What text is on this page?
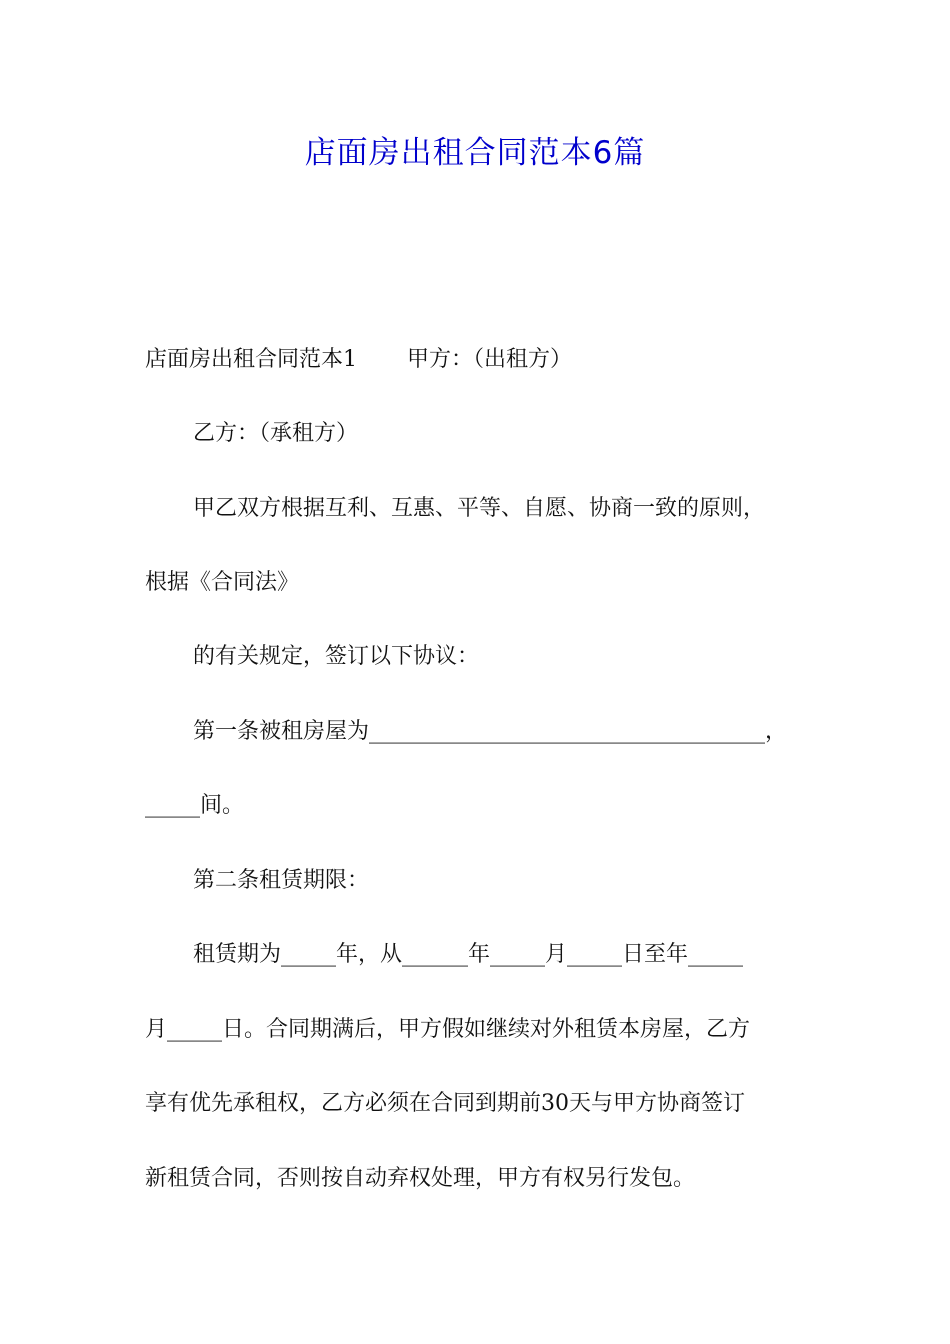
店面房出租合同范本6篇

店面房出租合同范本1 甲方：（出租方）

乙方：（承租方）

甲乙双方根据互利、互惠、平等、自愿、协商一致的原则，

根据《合同法》

的有关规定，签订以下协议：

第一条被租房屋为____________________________________，

_____间。

第二条租赁期限：

租赁期为_____年，从______年_____月_____日至年_____

月_____日。合同期满后，甲方假如继续对外租赁本房屋，乙方

享有优先承租权，乙方必须在合同到期前30天与甲方协商签订

新租赁合同，否则按自动弃权处理，甲方有权另行发包。
